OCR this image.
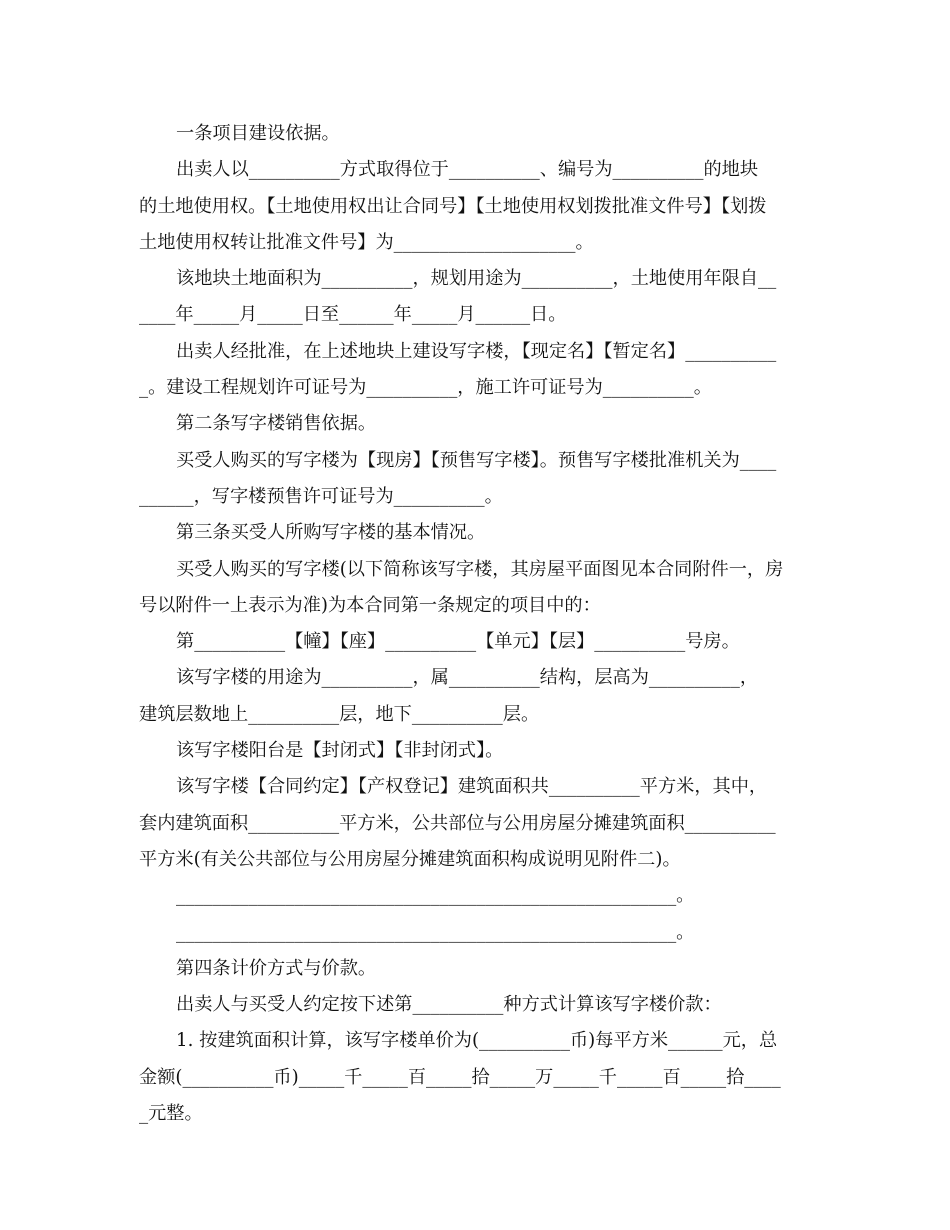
一条项目建设依据。
出卖人以__________方式取得位于__________、编号为__________的地块
的土地使用权。【土地使用权出让合同号】【土地使用权划拨批准文件号】【划拨
土地使用权转让批准文件号】为____________________。
该地块土地面积为__________，规划用途为__________，土地使用年限自__
____年_____月_____日至______年_____月______日。
出卖人经批准，在上述地块上建设写字楼，【现定名】【暂定名】__________
_。建设工程规划许可证号为__________，施工许可证号为__________。
第二条写字楼销售依据。
买受人购买的写字楼为【现房】【预售写字楼】。预售写字楼批准机关为____
______，写字楼预售许可证号为__________。
第三条买受人所购写字楼的基本情况。
买受人购买的写字楼(以下简称该写字楼，其房屋平面图见本合同附件一，房
号以附件一上表示为准)为本合同第一条规定的项目中的：
第__________【幢】【座】__________【单元】【层】__________号房。
该写字楼的用途为__________，属__________结构，层高为__________，
建筑层数地上__________层，地下__________层。
该写字楼阳台是【封闭式】【非封闭式】。
该写字楼【合同约定】【产权登记】建筑面积共__________平方米，其中，
套内建筑面积__________平方米，公共部位与公用房屋分摊建筑面积__________
平方米(有关公共部位与公用房屋分摊建筑面积构成说明见附件二)。
_______________________________________________________。
_______________________________________________________。
第四条计价方式与价款。
出卖人与买受人约定按下述第__________种方式计算该写字楼价款：
1. 按建筑面积计算，该写字楼单价为(__________币)每平方米______元，总
金额(__________币)_____千_____百_____拾_____万_____千_____百_____拾____
_元整。
